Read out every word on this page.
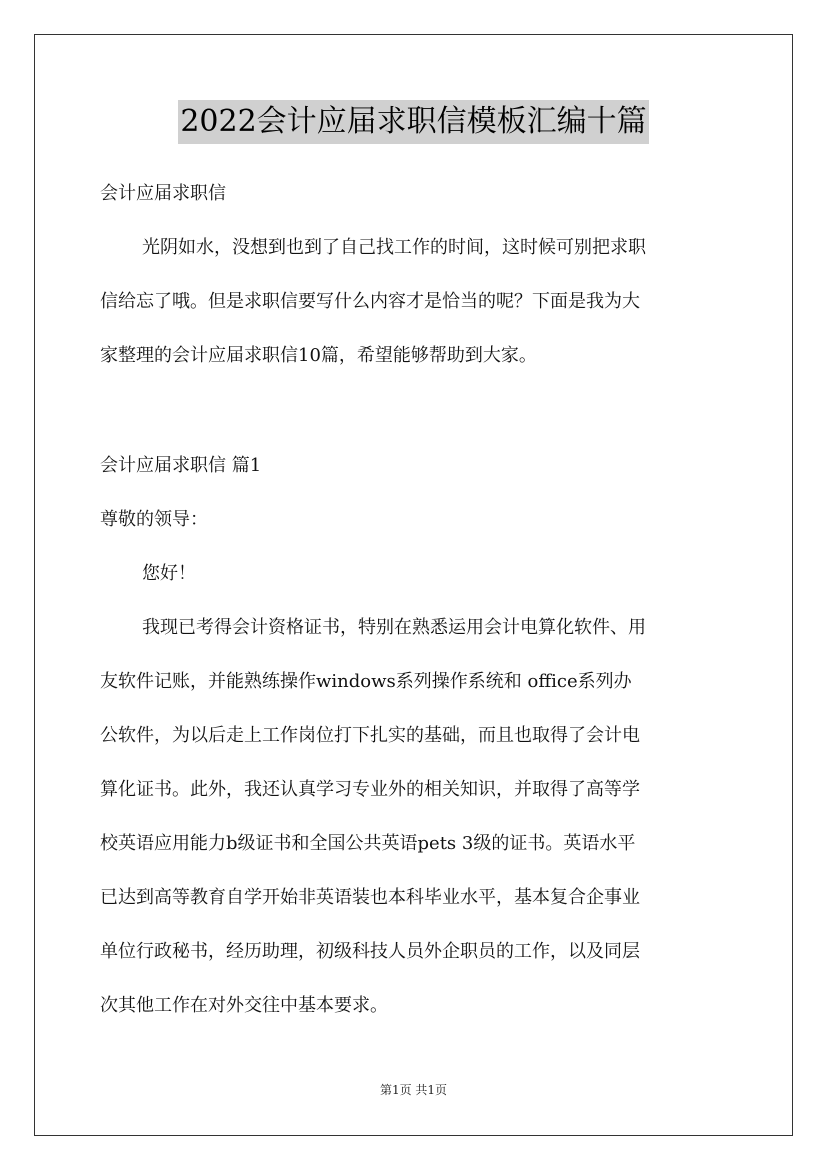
2022会计应届求职信模板汇编十篇
会计应届求职信
光阴如水，没想到也到了自己找工作的时间，这时候可别把求职
信给忘了哦。但是求职信要写什么内容才是恰当的呢？下面是我为大
家整理的会计应届求职信10篇，希望能够帮助到大家。
会计应届求职信 篇1
尊敬的领导：
您好！
我现已考得会计资格证书，特别在熟悉运用会计电算化软件、用
友软件记账，并能熟练操作windows系列操作系统和 office系列办
公软件，为以后走上工作岗位打下扎实的基础，而且也取得了会计电
算化证书。此外，我还认真学习专业外的相关知识，并取得了高等学
校英语应用能力b级证书和全国公共英语pets 3级的证书。英语水平
已达到高等教育自学开始非英语装也本科毕业水平，基本复合企事业
单位行政秘书，经历助理，初级科技人员外企职员的工作，以及同层
次其他工作在对外交往中基本要求。
第1页 共1页
